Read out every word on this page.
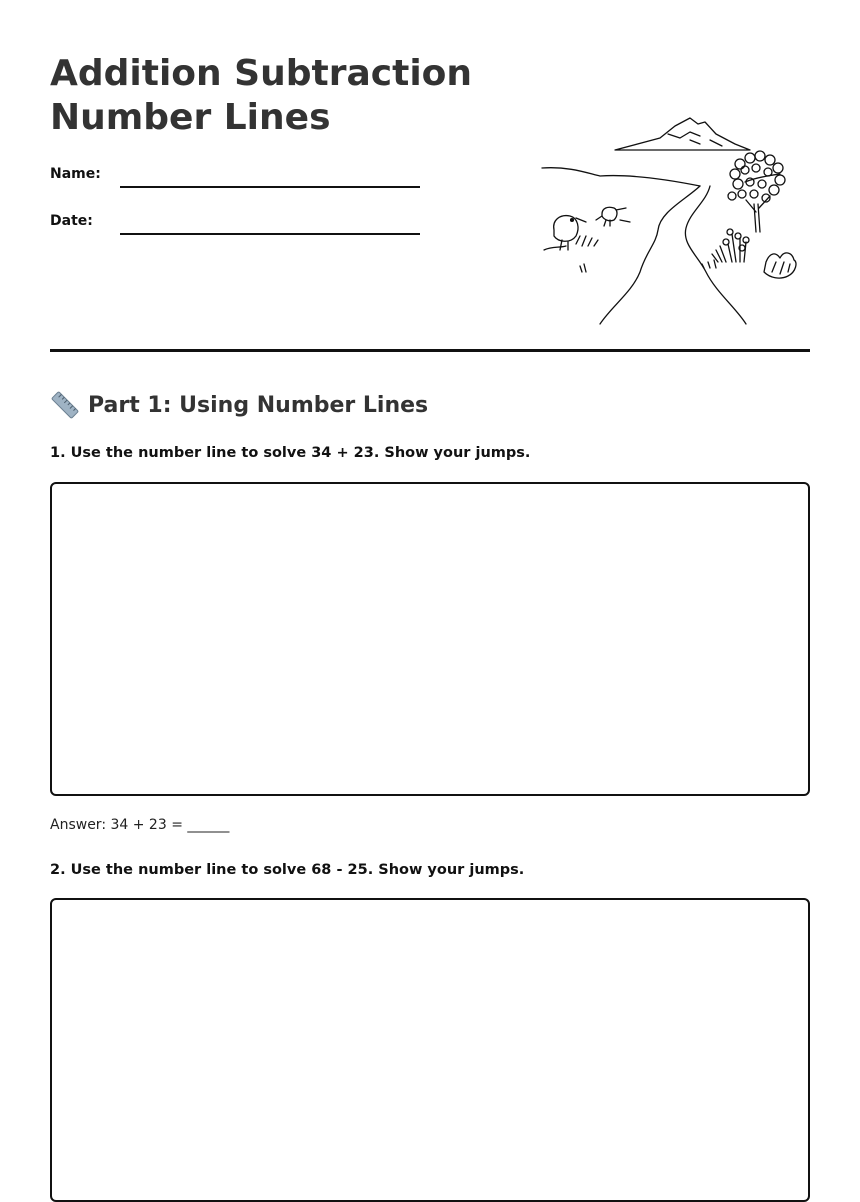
Addition Subtraction
Number Lines
Name:
Date:
Part 1: Using Number Lines
1. Use the number line to solve 34 + 23. Show your jumps.
Answer: 34 + 23 = ______
2. Use the number line to solve 68 - 25. Show your jumps.
